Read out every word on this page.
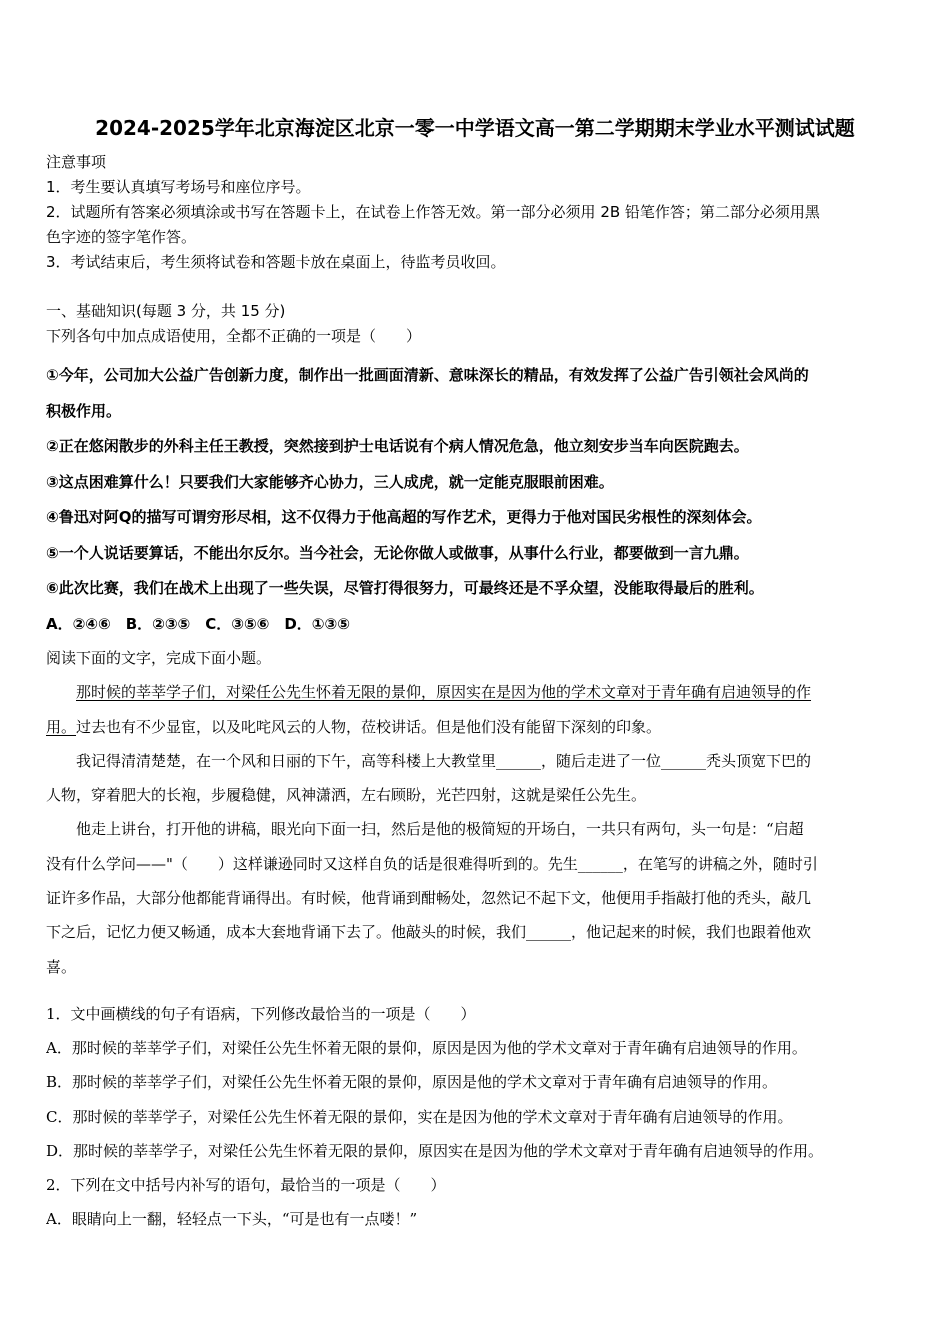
2024-2025学年北京海淀区北京一零一中学语文高一第二学期期末学业水平测试试题
注意事项
1．考生要认真填写考场号和座位序号。
2．试题所有答案必须填涂或书写在答题卡上，在试卷上作答无效。第一部分必须用 2B 铅笔作答；第二部分必须用黑
色字迹的签字笔作答。
3．考试结束后，考生须将试卷和答题卡放在桌面上，待监考员收回。
一、基础知识(每题 3 分，共 15 分)
下列各句中加点成语使用，全都不正确的一项是（　　）
①今年，公司加大公益广告创新力度，制作出一批画面清新、意味深长的精品，有效发挥了公益广告引领社会风尚的
积极作用。
②正在悠闲散步的外科主任王教授，突然接到护士电话说有个病人情况危急，他立刻安步当车向医院跑去。
③这点困难算什么！只要我们大家能够齐心协力，三人成虎，就一定能克服眼前困难。
④鲁迅对阿Q的描写可谓穷形尽相，这不仅得力于他高超的写作艺术，更得力于他对国民劣根性的深刻体会。
⑤一个人说话要算话，不能出尔反尔。当今社会，无论你做人或做事，从事什么行业，都要做到一言九鼎。
⑥此次比赛，我们在战术上出现了一些失误，尽管打得很努力，可最终还是不孚众望，没能取得最后的胜利。
A．②④⑥　B．②③⑤　C．③⑤⑥　D．①③⑤
阅读下面的文字，完成下面小题。
那时候的莘莘学子们，对梁任公先生怀着无限的景仰，原因实在是因为他的学术文章对于青年确有启迪领导的作
用。过去也有不少显宦，以及叱咤风云的人物，莅校讲话。但是他们没有能留下深刻的印象。
我记得清清楚楚，在一个风和日丽的下午，高等科楼上大教堂里______，随后走进了一位______秃头顶宽下巴的
人物，穿着肥大的长袍，步履稳健，风神潇洒，左右顾盼，光芒四射，这就是梁任公先生。
他走上讲台，打开他的讲稿，眼光向下面一扫，然后是他的极简短的开场白，一共只有两句，头一句是：“启超
没有什么学问——"（　　）这样谦逊同时又这样自负的话是很难得听到的。先生______，在笔写的讲稿之外，随时引
证许多作品，大部分他都能背诵得出。有时候，他背诵到酣畅处，忽然记不起下文，他便用手指敲打他的秃头，敲几
下之后，记忆力便又畅通，成本大套地背诵下去了。他敲头的时候，我们______，他记起来的时候，我们也跟着他欢
喜。
1．文中画横线的句子有语病，下列修改最恰当的一项是（　　）
A．那时候的莘莘学子们，对梁任公先生怀着无限的景仰，原因是因为他的学术文章对于青年确有启迪领导的作用。
B．那时候的莘莘学子们，对梁任公先生怀着无限的景仰，原因是他的学术文章对于青年确有启迪领导的作用。
C．那时候的莘莘学子，对梁任公先生怀着无限的景仰，实在是因为他的学术文章对于青年确有启迪领导的作用。
D．那时候的莘莘学子，对梁任公先生怀着无限的景仰，原因实在是因为他的学术文章对于青年确有启迪领导的作用。
2．下列在文中括号内补写的语句，最恰当的一项是（　　）
A．眼睛向上一翻，轻轻点一下头，“可是也有一点喽！”
